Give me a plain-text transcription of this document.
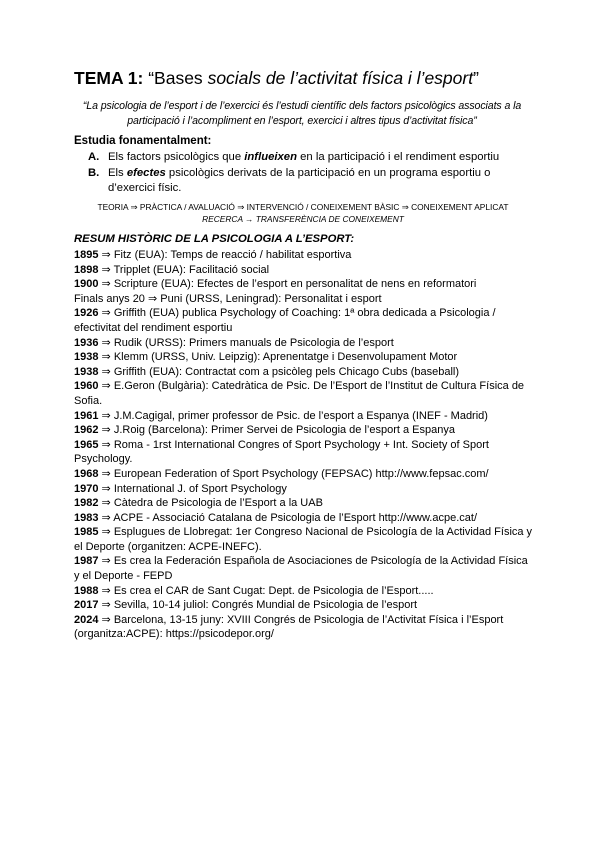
TEMA 1: “Bases socials de l’activitat física i l’esport”
“La psicologia de l’esport i de l’exercici és l’estudi científic dels factors psicològics associats a la participació i l’acompliment en l’esport, exercici i altres tipus d’activitat física”
Estudia fonamentalment:
A. Els factors psicològics que influeixen en la participació i el rendiment esportiu
B. Els efectes psicològics derivats de la participació en un programa esportiu o d’exercici físic.
TEORIA ⇒ PRÀCTICA / AVALUACIÓ ⇒ INTERVENCIÓ / CONEIXEMENT BÀSIC ⇒ CONEIXEMENT APLICAT
RECERCA → TRANSFERÈNCIA DE CONEIXEMENT
RESUM HISTÒRIC DE LA PSICOLOGIA A L’ESPORT:
1895 ⇒ Fitz (EUA): Temps de reacció / habilitat esportiva
1898 ⇒ Tripplet (EUA): Facilitació social
1900 ⇒ Scripture (EUA): Efectes de l’esport en personalitat de nens en reformatori
Finals anys 20 ⇒ Puni (URSS, Leningrad): Personalitat i esport
1926 ⇒ Griffith (EUA) publica Psychology of Coaching: 1ª obra dedicada a Psicologia / efectivitat del rendiment esportiu
1936 ⇒ Rudik (URSS): Primers manuals de Psicologia de l’esport
1938 ⇒ Klemm (URSS, Univ. Leipzig): Aprenentatge i Desenvolupament Motor
1938 ⇒ Griffith (EUA): Contractat com a psicòleg pels Chicago Cubs (baseball)
1960 ⇒ E.Geron (Bulgària): Catedràtica de Psic. De l’Esport de l’Institut de Cultura Física de Sofia.
1961 ⇒ J.M.Cagigal, primer professor de Psic. de l’esport a Espanya (INEF - Madrid)
1962 ⇒ J.Roig (Barcelona): Primer Servei de Psicologia de l’esport a Espanya
1965 ⇒ Roma - 1rst International Congres of Sport Psychology + Int. Society of Sport Psychology.
1968 ⇒ European Federation of Sport Psychology (FEPSAC) http://www.fepsac.com/
1970 ⇒ International J. of Sport Psychology
1982 ⇒ Càtedra de Psicologia de l’Esport a la UAB
1983 ⇒ ACPE - Associació Catalana de Psicologia de l’Esport http://www.acpe.cat/
1985 ⇒ Esplugues de Llobregat: 1er Congreso Nacional de Psicología de la Actividad Física y el Deporte (organitzen: ACPE-INEFC).
1987 ⇒ Es crea la Federación Española de Asociaciones de Psicología de la Actividad Física y el Deporte - FEPD
1988 ⇒ Es crea el CAR de Sant Cugat: Dept. de Psicologia de l’Esport.....
2017 ⇒ Sevilla, 10-14 juliol: Congrés Mundial de Psicologia de l’esport
2024 ⇒ Barcelona, 13-15 juny: XVIII Congrés de Psicologia de l’Activitat Física i l’Esport (organitza:ACPE): https://psicodepor.org/
